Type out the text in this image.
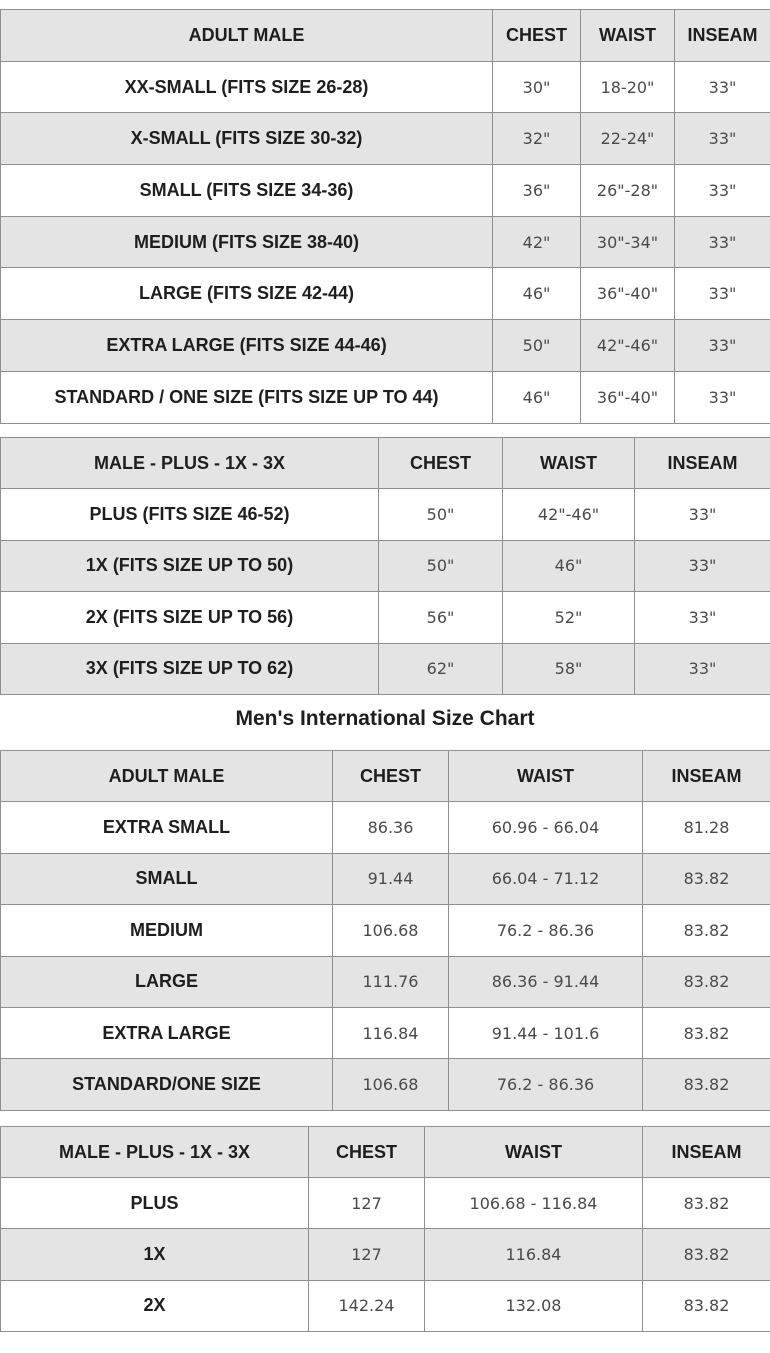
ADULT MALE	CHEST	WAIST	INSEAM
XX-SMALL (FITS SIZE 26-28)	30"	18-20"	33"
X-SMALL (FITS SIZE 30-32)	32"	22-24"	33"
SMALL (FITS SIZE 34-36)	36"	26"-28"	33"
MEDIUM (FITS SIZE 38-40)	42"	30"-34"	33"
LARGE (FITS SIZE 42-44)	46"	36"-40"	33"
EXTRA LARGE (FITS SIZE 44-46)	50"	42"-46"	33"
STANDARD / ONE SIZE (FITS SIZE UP TO 44)	46"	36"-40"	33"
MALE - PLUS - 1X - 3X	CHEST	WAIST	INSEAM
PLUS (FITS SIZE 46-52)	50"	42"-46"	33"
1X (FITS SIZE UP TO 50)	50"	46"	33"
2X (FITS SIZE UP TO 56)	56"	52"	33"
3X (FITS SIZE UP TO 62)	62"	58"	33"
Men's International Size Chart
ADULT MALE	CHEST	WAIST	INSEAM
EXTRA SMALL	86.36	60.96 - 66.04	81.28
SMALL	91.44	66.04 - 71.12	83.82
MEDIUM	106.68	76.2 - 86.36	83.82
LARGE	111.76	86.36 - 91.44	83.82
EXTRA LARGE	116.84	91.44 - 101.6	83.82
STANDARD/ONE SIZE	106.68	76.2 - 86.36	83.82
MALE - PLUS - 1X - 3X	CHEST	WAIST	INSEAM
PLUS	127	106.68 - 116.84	83.82
1X	127	116.84	83.82
2X	142.24	132.08	83.82
